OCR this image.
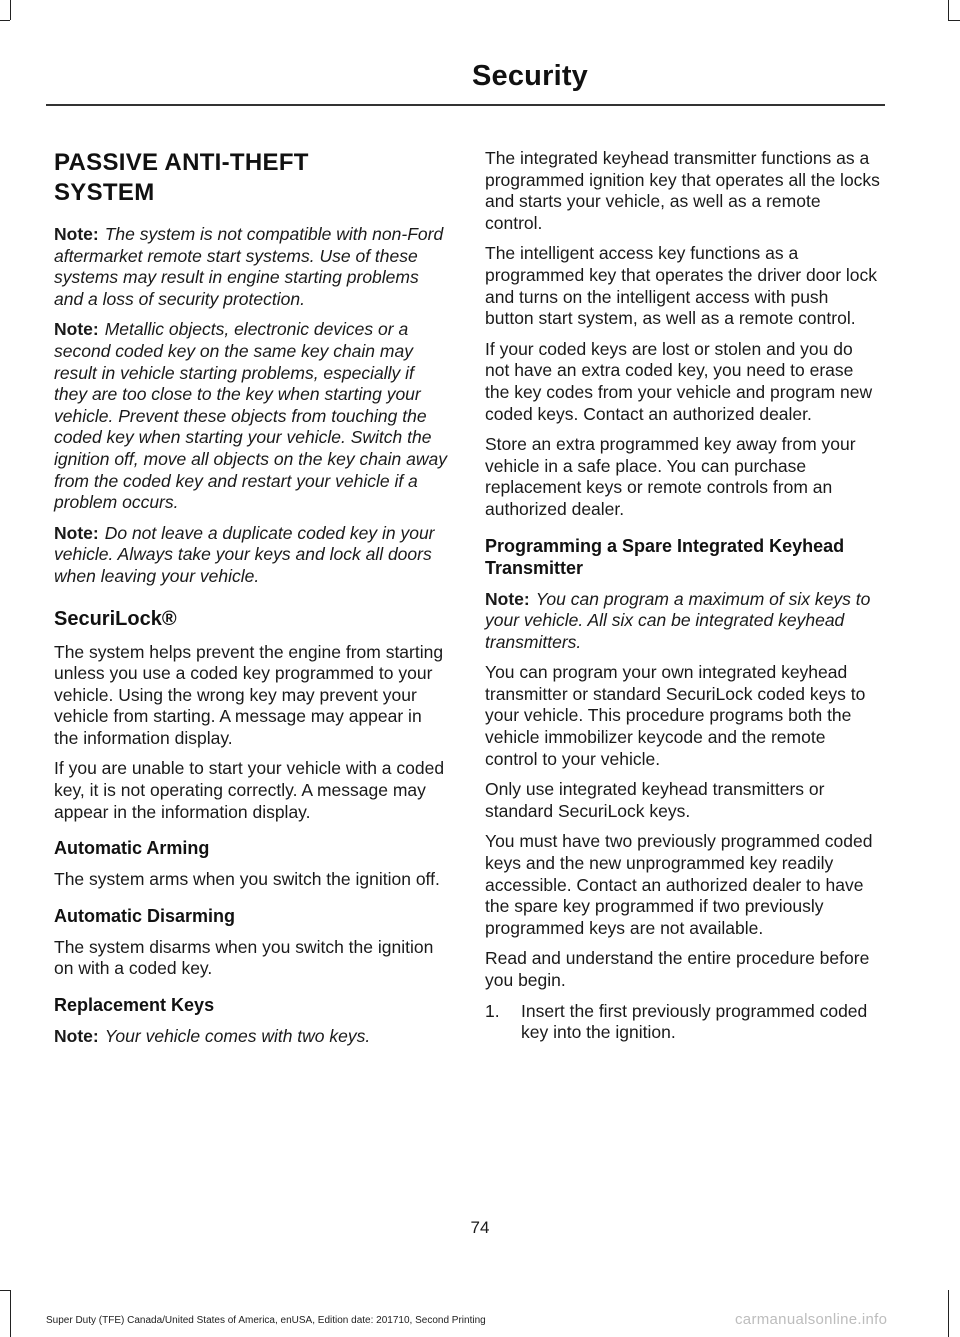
Security
PASSIVE ANTI-THEFT SYSTEM

Note: The system is not compatible with non-Ford aftermarket remote start systems. Use of these systems may result in engine starting problems and a loss of security protection.

Note: Metallic objects, electronic devices or a second coded key on the same key chain may result in vehicle starting problems, especially if they are too close to the key when starting your vehicle. Prevent these objects from touching the coded key when starting your vehicle. Switch the ignition off, move all objects on the key chain away from the coded key and restart your vehicle if a problem occurs.

Note: Do not leave a duplicate coded key in your vehicle. Always take your keys and lock all doors when leaving your vehicle.

SecuriLock®

The system helps prevent the engine from starting unless you use a coded key programmed to your vehicle. Using the wrong key may prevent your vehicle from starting. A message may appear in the information display.

If you are unable to start your vehicle with a coded key, it is not operating correctly. A message may appear in the information display.

Automatic Arming

The system arms when you switch the ignition off.

Automatic Disarming

The system disarms when you switch the ignition on with a coded key.

Replacement Keys

Note: Your vehicle comes with two keys.

The integrated keyhead transmitter functions as a programmed ignition key that operates all the locks and starts your vehicle, as well as a remote control.

The intelligent access key functions as a programmed key that operates the driver door lock and turns on the intelligent access with push button start system, as well as a remote control.

If your coded keys are lost or stolen and you do not have an extra coded key, you need to erase the key codes from your vehicle and program new coded keys. Contact an authorized dealer.

Store an extra programmed key away from your vehicle in a safe place. You can purchase replacement keys or remote controls from an authorized dealer.

Programming a Spare Integrated Keyhead Transmitter

Note: You can program a maximum of six keys to your vehicle. All six can be integrated keyhead transmitters.

You can program your own integrated keyhead transmitter or standard SecuriLock coded keys to your vehicle. This procedure programs both the vehicle immobilizer keycode and the remote control to your vehicle.

Only use integrated keyhead transmitters or standard SecuriLock keys.

You must have two previously programmed coded keys and the new unprogrammed key readily accessible. Contact an authorized dealer to have the spare key programmed if two previously programmed keys are not available.

Read and understand the entire procedure before you begin.

1.	Insert the first previously programmed coded key into the ignition.
74
Super Duty (TFE) Canada/United States of America, enUSA, Edition date: 201710, Second Printing	carmanualsonline.info
